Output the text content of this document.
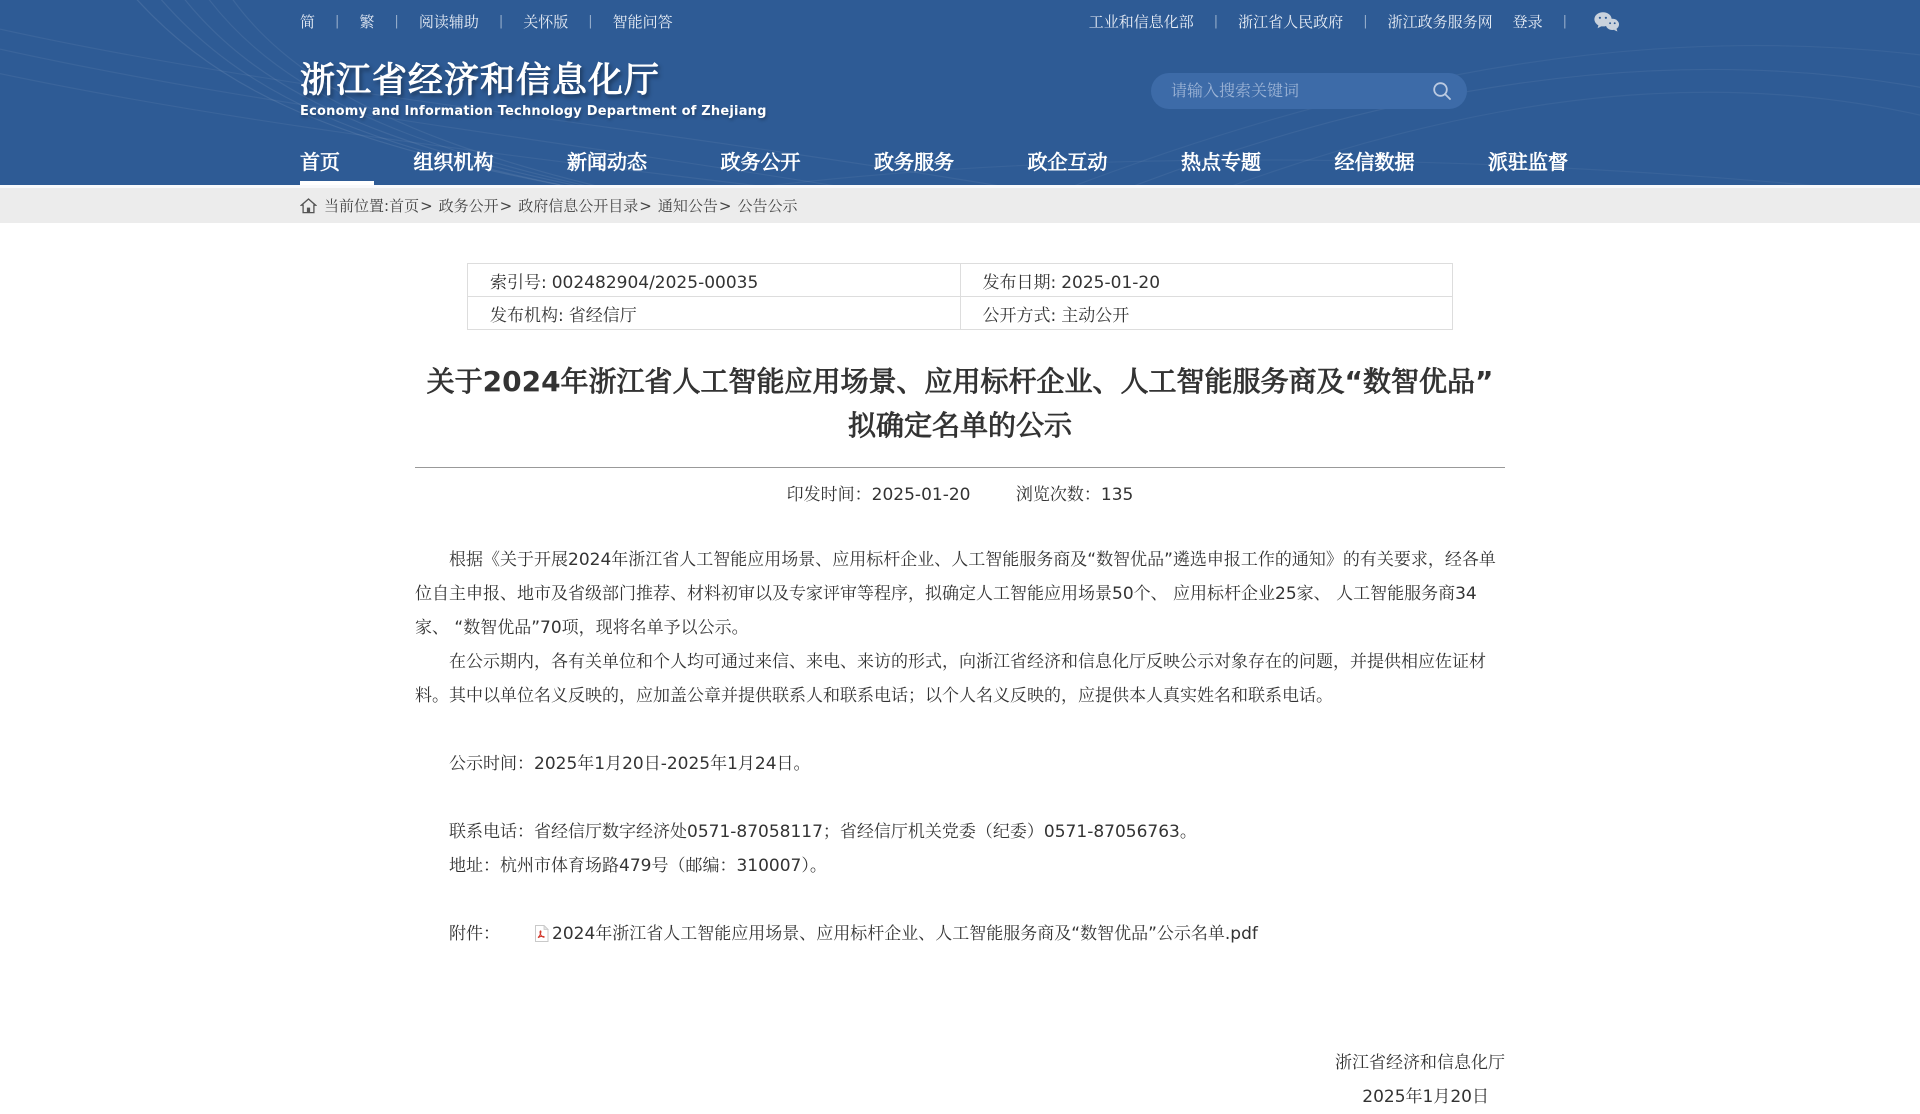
简 | 繁 | 阅读辅助 | 关怀版 | 智能问答	工业和信息化部 | 浙江省人民政府 | 浙江政务服务网 登录 |
浙江省经济和信息化厅
Economy and Information Technology Department of Zhejiang
请输入搜索关键词
首页	组织机构	新闻动态	政务公开	政务服务	政企互动	热点专题	经信数据	派驻监督
当前位置: 首页 > 政务公开 > 政府信息公开目录 > 通知公告 > 公告公示
索引号: 002482904/2025-00035	发布日期: 2025-01-20
发布机构: 省经信厅	公开方式: 主动公开
关于2024年浙江省人工智能应用场景、应用标杆企业、人工智能服务商及“数智优品”
拟确定名单的公示
印发时间：2025-01-20	浏览次数：135

根据《关于开展2024年浙江省人工智能应用场景、应用标杆企业、人工智能服务商及“数智优品”遴选申报工作的通知》的有关要求，经各单位自主申报、地市及省级部门推荐、材料初审以及专家评审等程序，拟确定人工智能应用场景50个、 应用标杆企业25家、 人工智能服务商34家、 “数智优品”70项，现将名单予以公示。

在公示期内，各有关单位和个人均可通过来信、来电、来访的形式，向浙江省经济和信息化厅反映公示对象存在的问题，并提供相应佐证材料。其中以单位名义反映的，应加盖公章并提供联系人和联系电话；以个人名义反映的，应提供本人真实姓名和联系电话。

公示时间：2025年1月20日-2025年1月24日。

联系电话：省经信厅数字经济处0571-87058117；省经信厅机关党委（纪委）0571-87056763。

地址：杭州市体育场路479号（邮编：310007）。

附件：	2024年浙江省人工智能应用场景、应用标杆企业、人工智能服务商及“数智优品”公示名单.pdf

浙江省经济和信息化厅
2025年1月20日
